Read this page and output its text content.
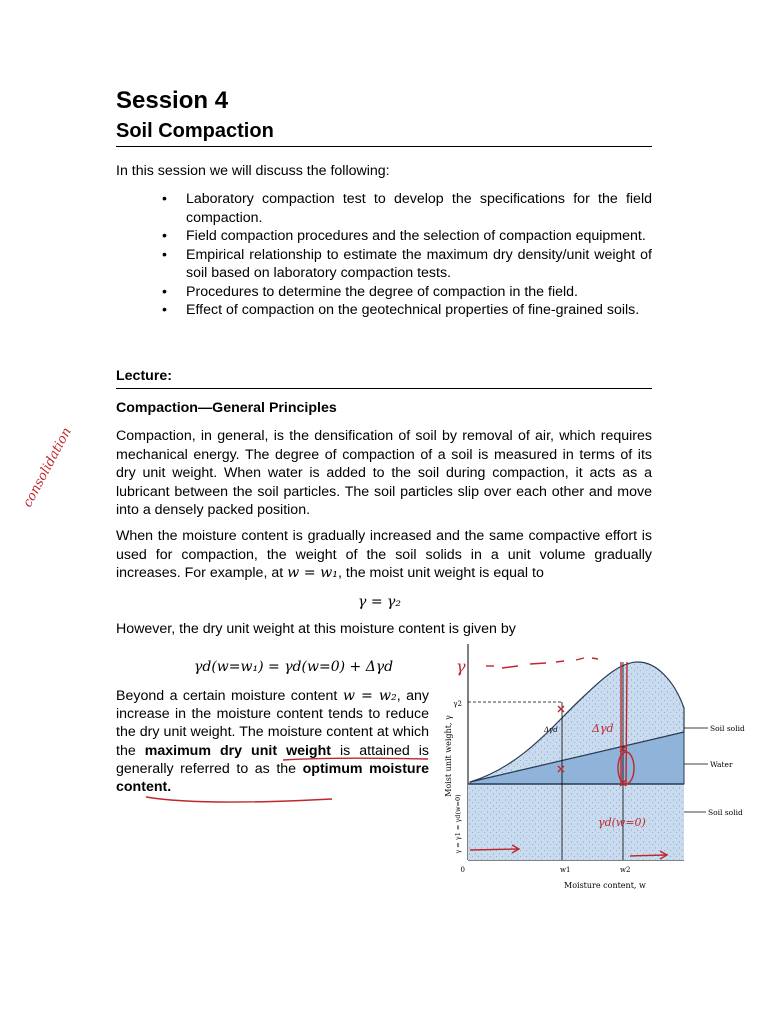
Session 4
Soil Compaction
In this session we will discuss the following:
• Laboratory compaction test to develop the specifications for the field compaction.
• Field compaction procedures and the selection of compaction equipment.
• Empirical relationship to estimate the maximum dry density/unit weight of soil based on laboratory compaction tests.
• Procedures to determine the degree of compaction in the field.
• Effect of compaction on the geotechnical properties of fine-grained soils.
Lecture:
Compaction—General Principles
Compaction, in general, is the densification of soil by removal of air, which requires mechanical energy. The degree of compaction of a soil is measured in terms of its dry unit weight. When water is added to the soil during compaction, it acts as a lubricant between the soil particles. The soil particles slip over each other and move into a densely packed position.
When the moisture content is gradually increased and the same compactive effort is used for compaction, the weight of the soil solids in a unit volume gradually increases. For example, at w = w₁, the moist unit weight is equal to
γ = γ₂
However, the dry unit weight at this moisture content is given by
γd(w=w₁) = γd(w=0) + Δγd
Beyond a certain moisture content w = w₂, any increase in the moisture content tends to reduce the dry unit weight. The moisture content at which the maximum dry unit weight is attained is generally referred to as the optimum moisture content.
consolidation
γ2
Δγd
0	w1	w2
Moisture content, w
Moist unit weight, γ
γ = γ1 = γd(w=0)
Soil solid
Water
Soil solid
γ
Δγd
γd(w=0)
